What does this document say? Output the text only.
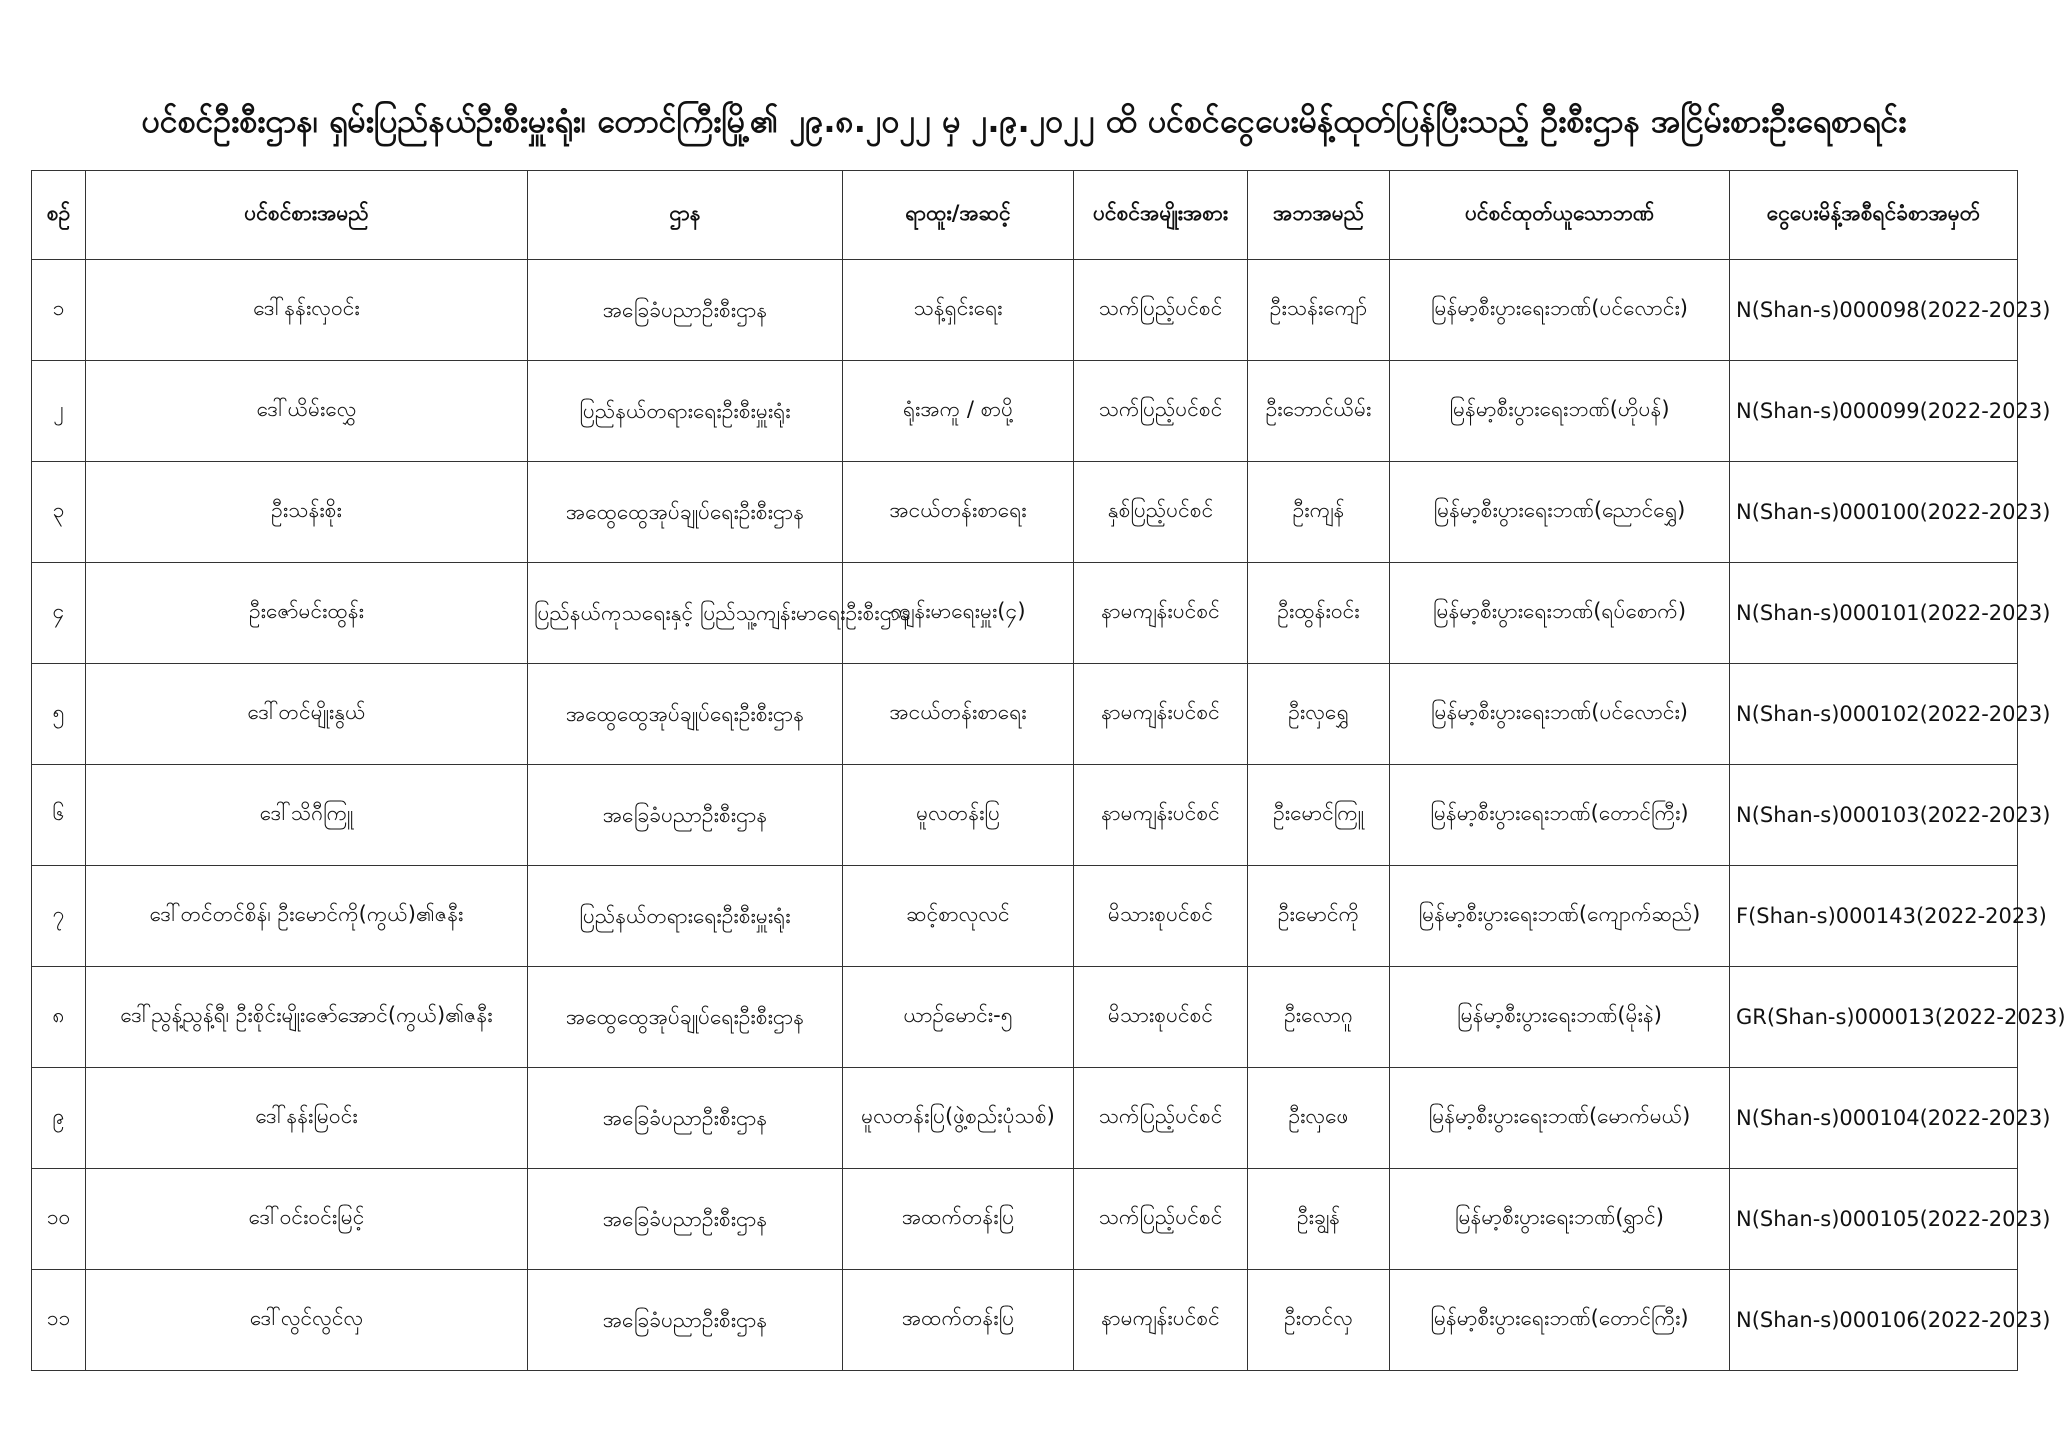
ပင်စင်ဦးစီးဌာန၊ ရှမ်းပြည်နယ်ဦးစီးမှူးရုံး၊ တောင်ကြီးမြို့၏ ၂၉.၈.၂၀၂၂ မှ ၂.၉.၂၀၂၂ ထိ ပင်စင်ငွေပေးမိန့်ထုတ်ပြန်ပြီးသည့် ဦးစီးဌာန အငြိမ်းစားဦးရေစာရင်း
စဉ်	ပင်စင်စားအမည်	ဌာန	ရာထူး/အဆင့်	ပင်စင်အမျိုးအစား	အဘအမည်	ပင်စင်ထုတ်ယူသောဘဏ်	ငွေပေးမိန့်အစီရင်ခံစာအမှတ်
၁	ဒေါ်နန်းလှဝင်း	အခြေခံပညာဦးစီးဌာန	သန့်ရှင်းရေး	သက်ပြည့်ပင်စင်	ဦးသန်းကျော်	မြန်မာ့စီးပွားရေးဘဏ်(ပင်လောင်း)	N(Shan-s)000098(2022-2023)
၂	ဒေါ်ယိမ်းလွှေ	ပြည်နယ်တရားရေးဦးစီးမှူးရုံး	ရုံးအကူ / စာပို့	သက်ပြည့်ပင်စင်	ဦးဘောင်ယိမ်း	မြန်မာ့စီးပွားရေးဘဏ်(ဟိုပန်)	N(Shan-s)000099(2022-2023)
၃	ဦးသန်းစိုး	အထွေထွေအုပ်ချုပ်ရေးဦးစီးဌာန	အငယ်တန်းစာရေး	နှစ်ပြည့်ပင်စင်	ဦးကျန်	မြန်မာ့စီးပွားရေးဘဏ်(ညောင်ရွှေ)	N(Shan-s)000100(2022-2023)
၄	ဦးဇော်မင်းထွန်း	ပြည်နယ်ကုသရေးနှင့် ပြည်သူ့ကျန်းမာရေးဦးစီးဌာန	ကျန်းမာရေးမှူး(၄)	နာမကျန်းပင်စင်	ဦးထွန်းဝင်း	မြန်မာ့စီးပွားရေးဘဏ်(ရပ်စောက်)	N(Shan-s)000101(2022-2023)
၅	ဒေါ်တင်မျိုးနွယ်	အထွေထွေအုပ်ချုပ်ရေးဦးစီးဌာန	အငယ်တန်းစာရေး	နာမကျန်းပင်စင်	ဦးလှရွှေ	မြန်မာ့စီးပွားရေးဘဏ်(ပင်လောင်း)	N(Shan-s)000102(2022-2023)
၆	ဒေါ်သိဂီကြူ	အခြေခံပညာဦးစီးဌာန	မူလတန်းပြ	နာမကျန်းပင်စင်	ဦးမောင်ကြူ	မြန်မာ့စီးပွားရေးဘဏ်(တောင်ကြီး)	N(Shan-s)000103(2022-2023)
၇	ဒေါ်တင်တင်စိန်၊ ဦးမောင်ကို(ကွယ်)၏ဇနီး	ပြည်နယ်တရားရေးဦးစီးမှူးရုံး	ဆင့်စာလုလင်	မိသားစုပင်စင်	ဦးမောင်ကို	မြန်မာ့စီးပွားရေးဘဏ်(ကျောက်ဆည်)	F(Shan-s)000143(2022-2023)
၈	ဒေါ်ညွန့်ညွန့်ရီ၊ ဦးစိုင်းမျိုးဇော်အောင်(ကွယ်)၏ဇနီး	အထွေထွေအုပ်ချုပ်ရေးဦးစီးဌာန	ယာဉ်မောင်း-၅	မိသားစုပင်စင်	ဦးလောဂူ	မြန်မာ့စီးပွားရေးဘဏ်(မိုးနဲ)	GR(Shan-s)000013(2022-2023)
၉	ဒေါ်နန်းမြဝင်း	အခြေခံပညာဦးစီးဌာန	မူလတန်းပြ(ဖွဲ့စည်းပုံသစ်)	သက်ပြည့်ပင်စင်	ဦးလှဖေ	မြန်မာ့စီးပွားရေးဘဏ်(မောက်မယ်)	N(Shan-s)000104(2022-2023)
၁၀	ဒေါ်ဝင်းဝင်းမြင့်	အခြေခံပညာဦးစီးဌာန	အထက်တန်းပြ	သက်ပြည့်ပင်စင်	ဦးချွန်	မြန်မာ့စီးပွားရေးဘဏ်(ရွှာင်)	N(Shan-s)000105(2022-2023)
၁၁	ဒေါ်လွင်လွင်လှ	အခြေခံပညာဦးစီးဌာန	အထက်တန်းပြ	နာမကျန်းပင်စင်	ဦးတင်လှ	မြန်မာ့စီးပွားရေးဘဏ်(တောင်ကြီး)	N(Shan-s)000106(2022-2023)
